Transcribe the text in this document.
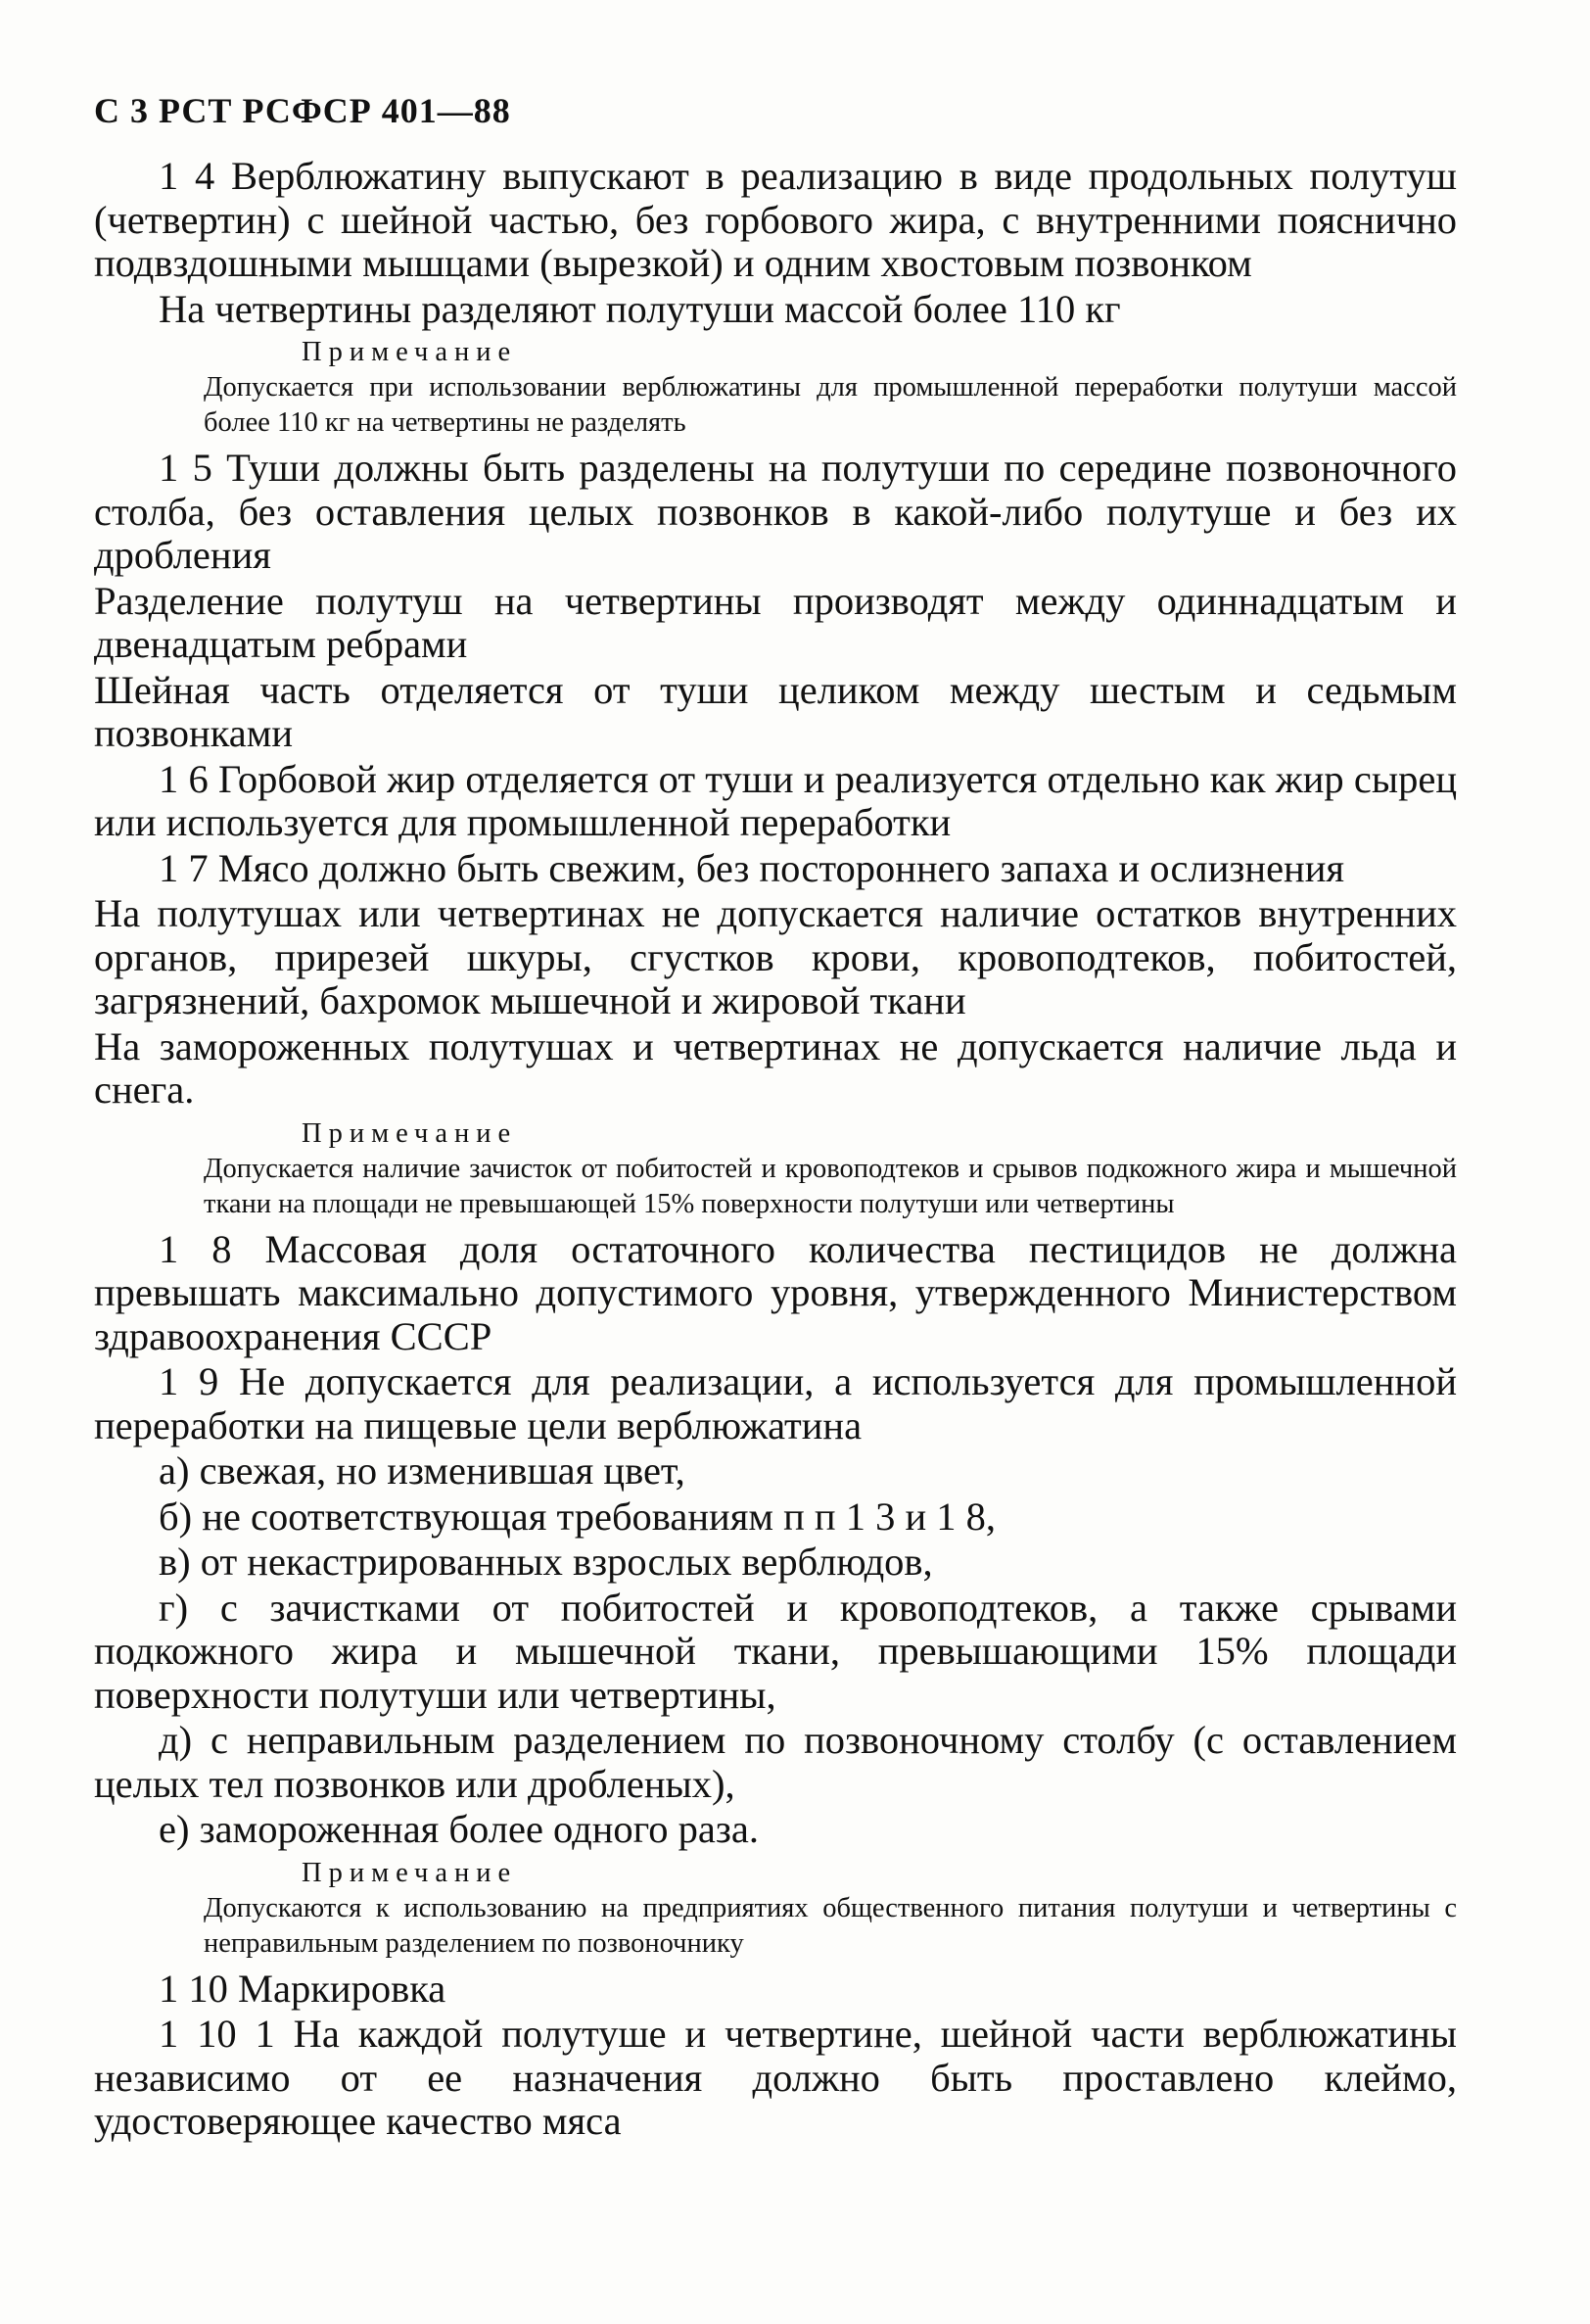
С 3 РСТ РСФСР 401—88

1 4 Верблюжатину выпускают в реализацию в виде продольных полутуш (четвертин) с шейной частью, без горбового жира, с внутренними поясничнo подвздошными мышцами (вырезкой) и одним хвостовым позвонком

На четвертины разделяют полутуши массой более 110 кг

Примечание
Допускается при использовании верблюжатины для промышленной переработки полутуши массой более 110 кг на четвертины не разделять

1 5 Туши должны быть разделены на полутуши по середине позвоночного столба, без оставления целых позвонков в какой-либо полутуше и без их дробления

Разделение полутуш на четвертины производят между одиннадцатым и двенадцатым ребрами

Шейная часть отделяется от туши целиком между шестым и седьмым позвонками

1 6 Горбовой жир отделяется от туши и реализуется отдельно как жир сырец или используется для промышленной переработки

1 7 Мясо должно быть свежим, без постороннего запаха и ослизнения

На полутушах или четвертинах не допускается наличие остатков внутренних органов, прирезей шкуры, сгустков крови, кровоподтеков, побитостей, загрязнений, бахромок мышечной и жировой ткани

На замороженных полутушах и четвертинах не допускается наличие льда и снега.

Примечание
Допускается наличие зачисток от побитостей и кровоподтеков и срывов подкожного жира и мышечной ткани на площади не превышающей 15% поверхности полутуши или четвертины

1 8 Массовая доля остаточного количества пестицидов не должна превышать максимально допустимого уровня, утвержденного Министерством здравоохранения СССР

1 9 Не допускается для реализации, а используется для промышленной переработки на пищевые цели верблюжатина

а) свежая, но изменившая цвет,

б) не соответствующая требованиям п п 1 3 и 1 8,

в) от некастрированных взрослых верблюдов,

г) с зачистками от побитостей и кровоподтеков, а также срывами подкожного жира и мышечной ткани, превышающими 15% площади поверхности полутуши или четвертины,

д) с неправильным разделением по позвоночному столбу (с оставлением целых тел позвонков или дробленых),

е) замороженная более одного раза.

Примечание
Допускаются к использованию на предприятиях общественного питания полутуши и четвертины с неправильным разделением по позвоночнику

1 10 Маркировка

1 10 1 На каждой полутуше и четвертине, шейной части верблюжатины независимо от ее назначения должно быть проставлено клеймо, удостоверяющее качество мяса
